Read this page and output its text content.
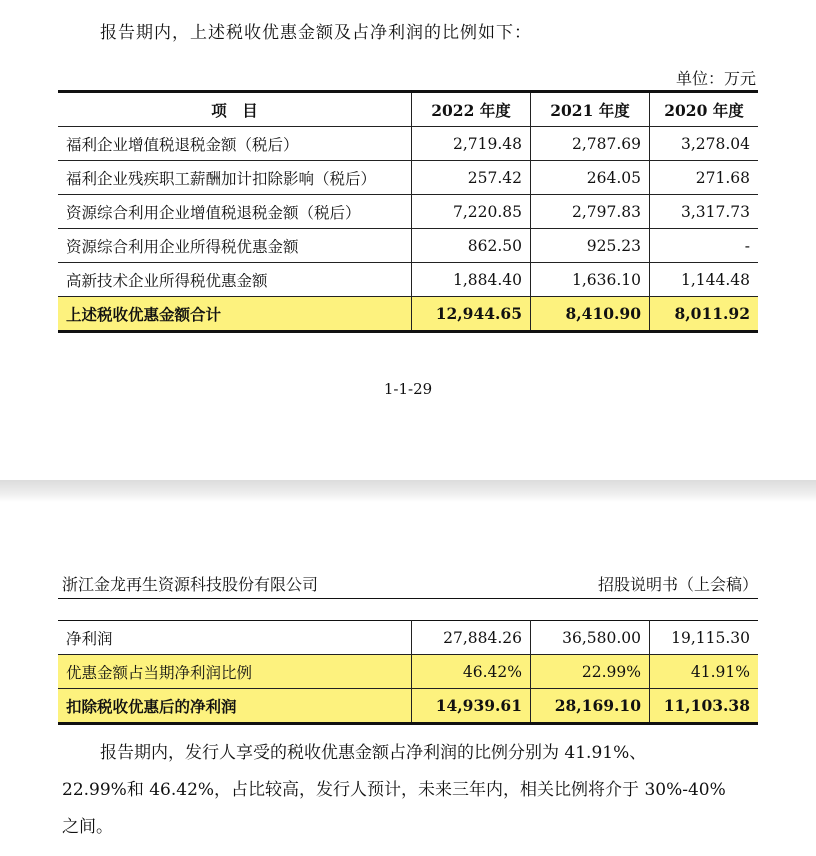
报告期内，上述税收优惠金额及占净利润的比例如下：
单位：万元
项　目	2022 年度	2021 年度	2020 年度
福利企业增值税退税金额（税后）	2,719.48	2,787.69	3,278.04
福利企业残疾职工薪酬加计扣除影响（税后）	257.42	264.05	271.68
资源综合利用企业增值税退税金额（税后）	7,220.85	2,797.83	3,317.73
资源综合利用企业所得税优惠金额	862.50	925.23	-
高新技术企业所得税优惠金额	1,884.40	1,636.10	1,144.48
上述税收优惠金额合计	12,944.65	8,410.90	8,011.92
1-1-29
浙江金龙再生资源科技股份有限公司	招股说明书（上会稿）
净利润	27,884.26	36,580.00	19,115.30
优惠金额占当期净利润比例	46.42%	22.99%	41.91%
扣除税收优惠后的净利润	14,939.61	28,169.10	11,103.38
报告期内，发行人享受的税收优惠金额占净利润的比例分别为 41.91%、
22.99%和 46.42%，占比较高，发行人预计，未来三年内，相关比例将介于 30%-40%
之间。
